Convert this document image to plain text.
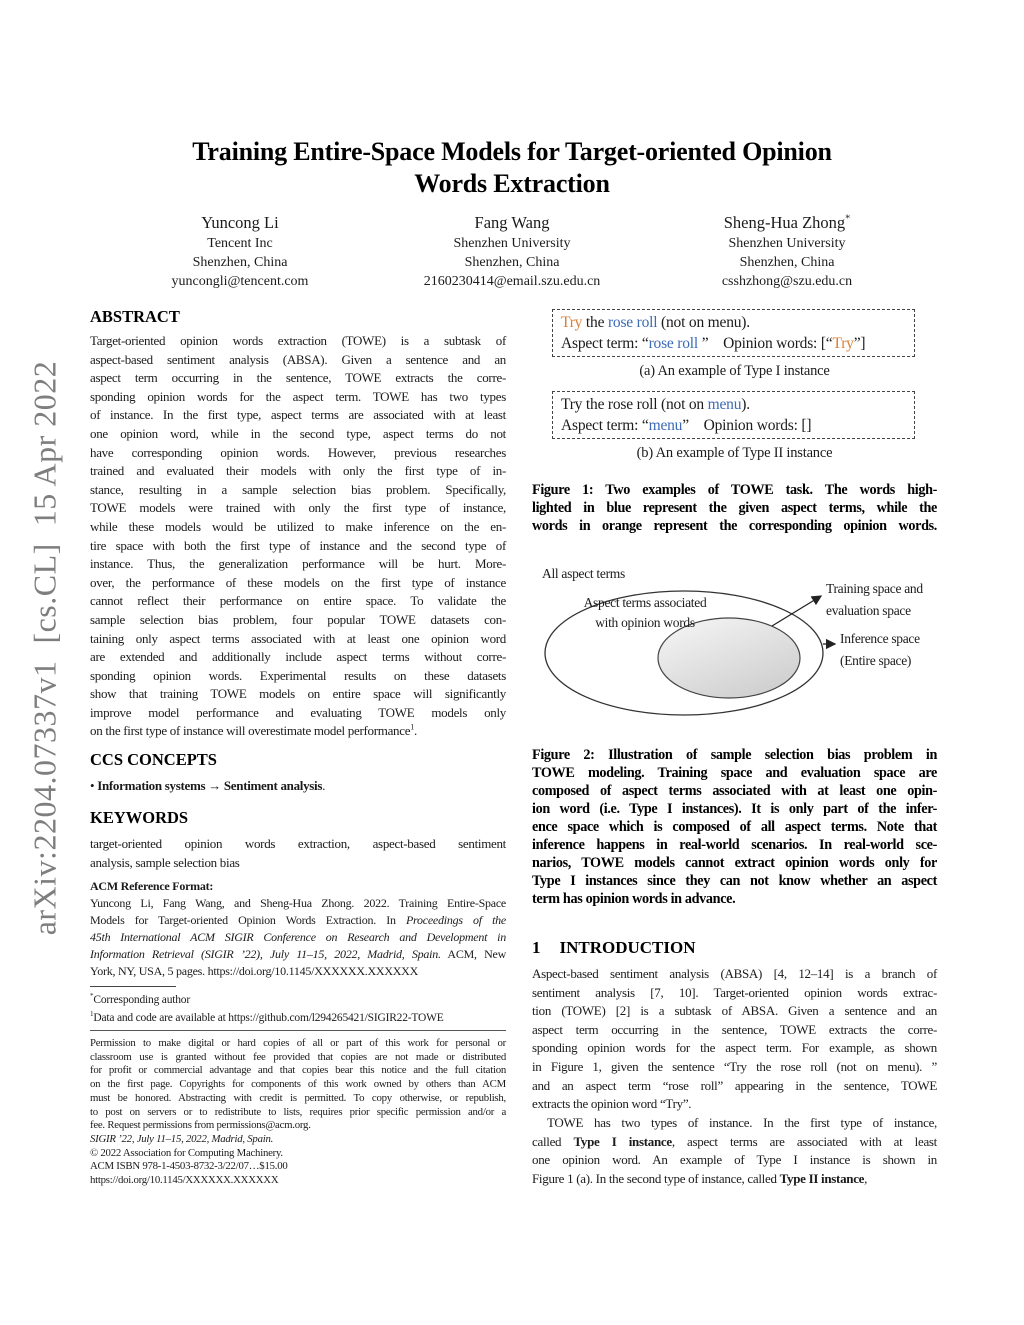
arXiv:2204.07337v1  [cs.CL]  15 Apr 2022
Training Entire-Space Models for Target-oriented Opinion
Words Extraction
Yuncong Li
Tencent Inc
Shenzhen, China
yuncongli@tencent.com
Fang Wang
Shenzhen University
Shenzhen, China
2160230414@email.szu.edu.cn
Sheng-Hua Zhong*
Shenzhen University
Shenzhen, China
csshzhong@szu.edu.cn
ABSTRACT
Target-oriented opinion words extraction (TOWE) is a subtask of
aspect-based sentiment analysis (ABSA). Given a sentence and an
aspect term occurring in the sentence, TOWE extracts the corre-
sponding opinion words for the aspect term. TOWE has two types
of instance. In the first type, aspect terms are associated with at least
one opinion word, while in the second type, aspect terms do not
have corresponding opinion words. However, previous researches
trained and evaluated their models with only the first type of in-
stance, resulting in a sample selection bias problem. Specifically,
TOWE models were trained with only the first type of instance,
while these models would be utilized to make inference on the en-
tire space with both the first type of instance and the second type of
instance. Thus, the generalization performance will be hurt. More-
over, the performance of these models on the first type of instance
cannot reflect their performance on entire space. To validate the
sample selection bias problem, four popular TOWE datasets con-
taining only aspect terms associated with at least one opinion word
are extended and additionally include aspect terms without corre-
sponding opinion words. Experimental results on these datasets
show that training TOWE models on entire space will significantly
improve model performance and evaluating TOWE models only
on the first type of instance will overestimate model performance$^1$.
CCS CONCEPTS
• Information systems → Sentiment analysis.
KEYWORDS
target-oriented opinion words extraction, aspect-based sentiment
analysis, sample selection bias
ACM Reference Format:
Yuncong Li, Fang Wang, and Sheng-Hua Zhong. 2022. Training Entire-Space
Models for Target-oriented Opinion Words Extraction. In Proceedings of the
45th International ACM SIGIR Conference on Research and Development in
Information Retrieval (SIGIR ’22), July 11–15, 2022, Madrid, Spain. ACM, New
York, NY, USA, 5 pages. https://doi.org/10.1145/XXXXXX.XXXXXX
*Corresponding author
$^1$Data and code are available at https://github.com/l294265421/SIGIR22-TOWE
Permission to make digital or hard copies of all or part of this work for personal or
classroom use is granted without fee provided that copies are not made or distributed
for profit or commercial advantage and that copies bear this notice and the full citation
on the first page. Copyrights for components of this work owned by others than ACM
must be honored. Abstracting with credit is permitted. To copy otherwise, or republish,
to post on servers or to redistribute to lists, requires prior specific permission and/or a
fee. Request permissions from permissions@acm.org.
SIGIR ’22, July 11–15, 2022, Madrid, Spain.
© 2022 Association for Computing Machinery.
ACM ISBN 978-1-4503-8732-3/22/07…$15.00
https://doi.org/10.1145/XXXXXX.XXXXXX
Try the rose roll (not on menu).
Aspect term: “rose roll ”    Opinion words: [“Try”]
(a) An example of Type I instance
Try the rose roll (not on menu).
Aspect term: “menu”    Opinion words: []
(b) An example of Type II instance
Figure 1: Two examples of TOWE task. The words high-
lighted in blue represent the given aspect terms, while the
words in orange represent the corresponding opinion words.
All aspect terms
Aspect terms associated
with opinion words
Training space and
evaluation space
Inference space
(Entire space)
Figure 2: Illustration of sample selection bias problem in
TOWE modeling. Training space and evaluation space are
composed of aspect terms associated with at least one opin-
ion word (i.e. Type I instances). It is only part of the infer-
ence space which is composed of all aspect terms. Note that
inference happens in real-world scenarios. In real-world sce-
narios, TOWE models cannot extract opinion words only for
Type I instances since they can not know whether an aspect
term has opinion words in advance.
1 INTRODUCTION
Aspect-based sentiment analysis (ABSA) [4, 12–14] is a branch of
sentiment analysis [7, 10]. Target-oriented opinion words extrac-
tion (TOWE) [2] is a subtask of ABSA. Given a sentence and an
aspect term occurring in the sentence, TOWE extracts the corre-
sponding opinion words for the aspect term. For example, as shown
in Figure 1, given the sentence “Try the rose roll (not on menu). ”
and an aspect term “rose roll” appearing in the sentence, TOWE
extracts the opinion word “Try”.
TOWE has two types of instance. In the first type of instance,
called Type I instance, aspect terms are associated with at least
one opinion word. An example of Type I instance is shown in
Figure 1 (a). In the second type of instance, called Type II instance,
